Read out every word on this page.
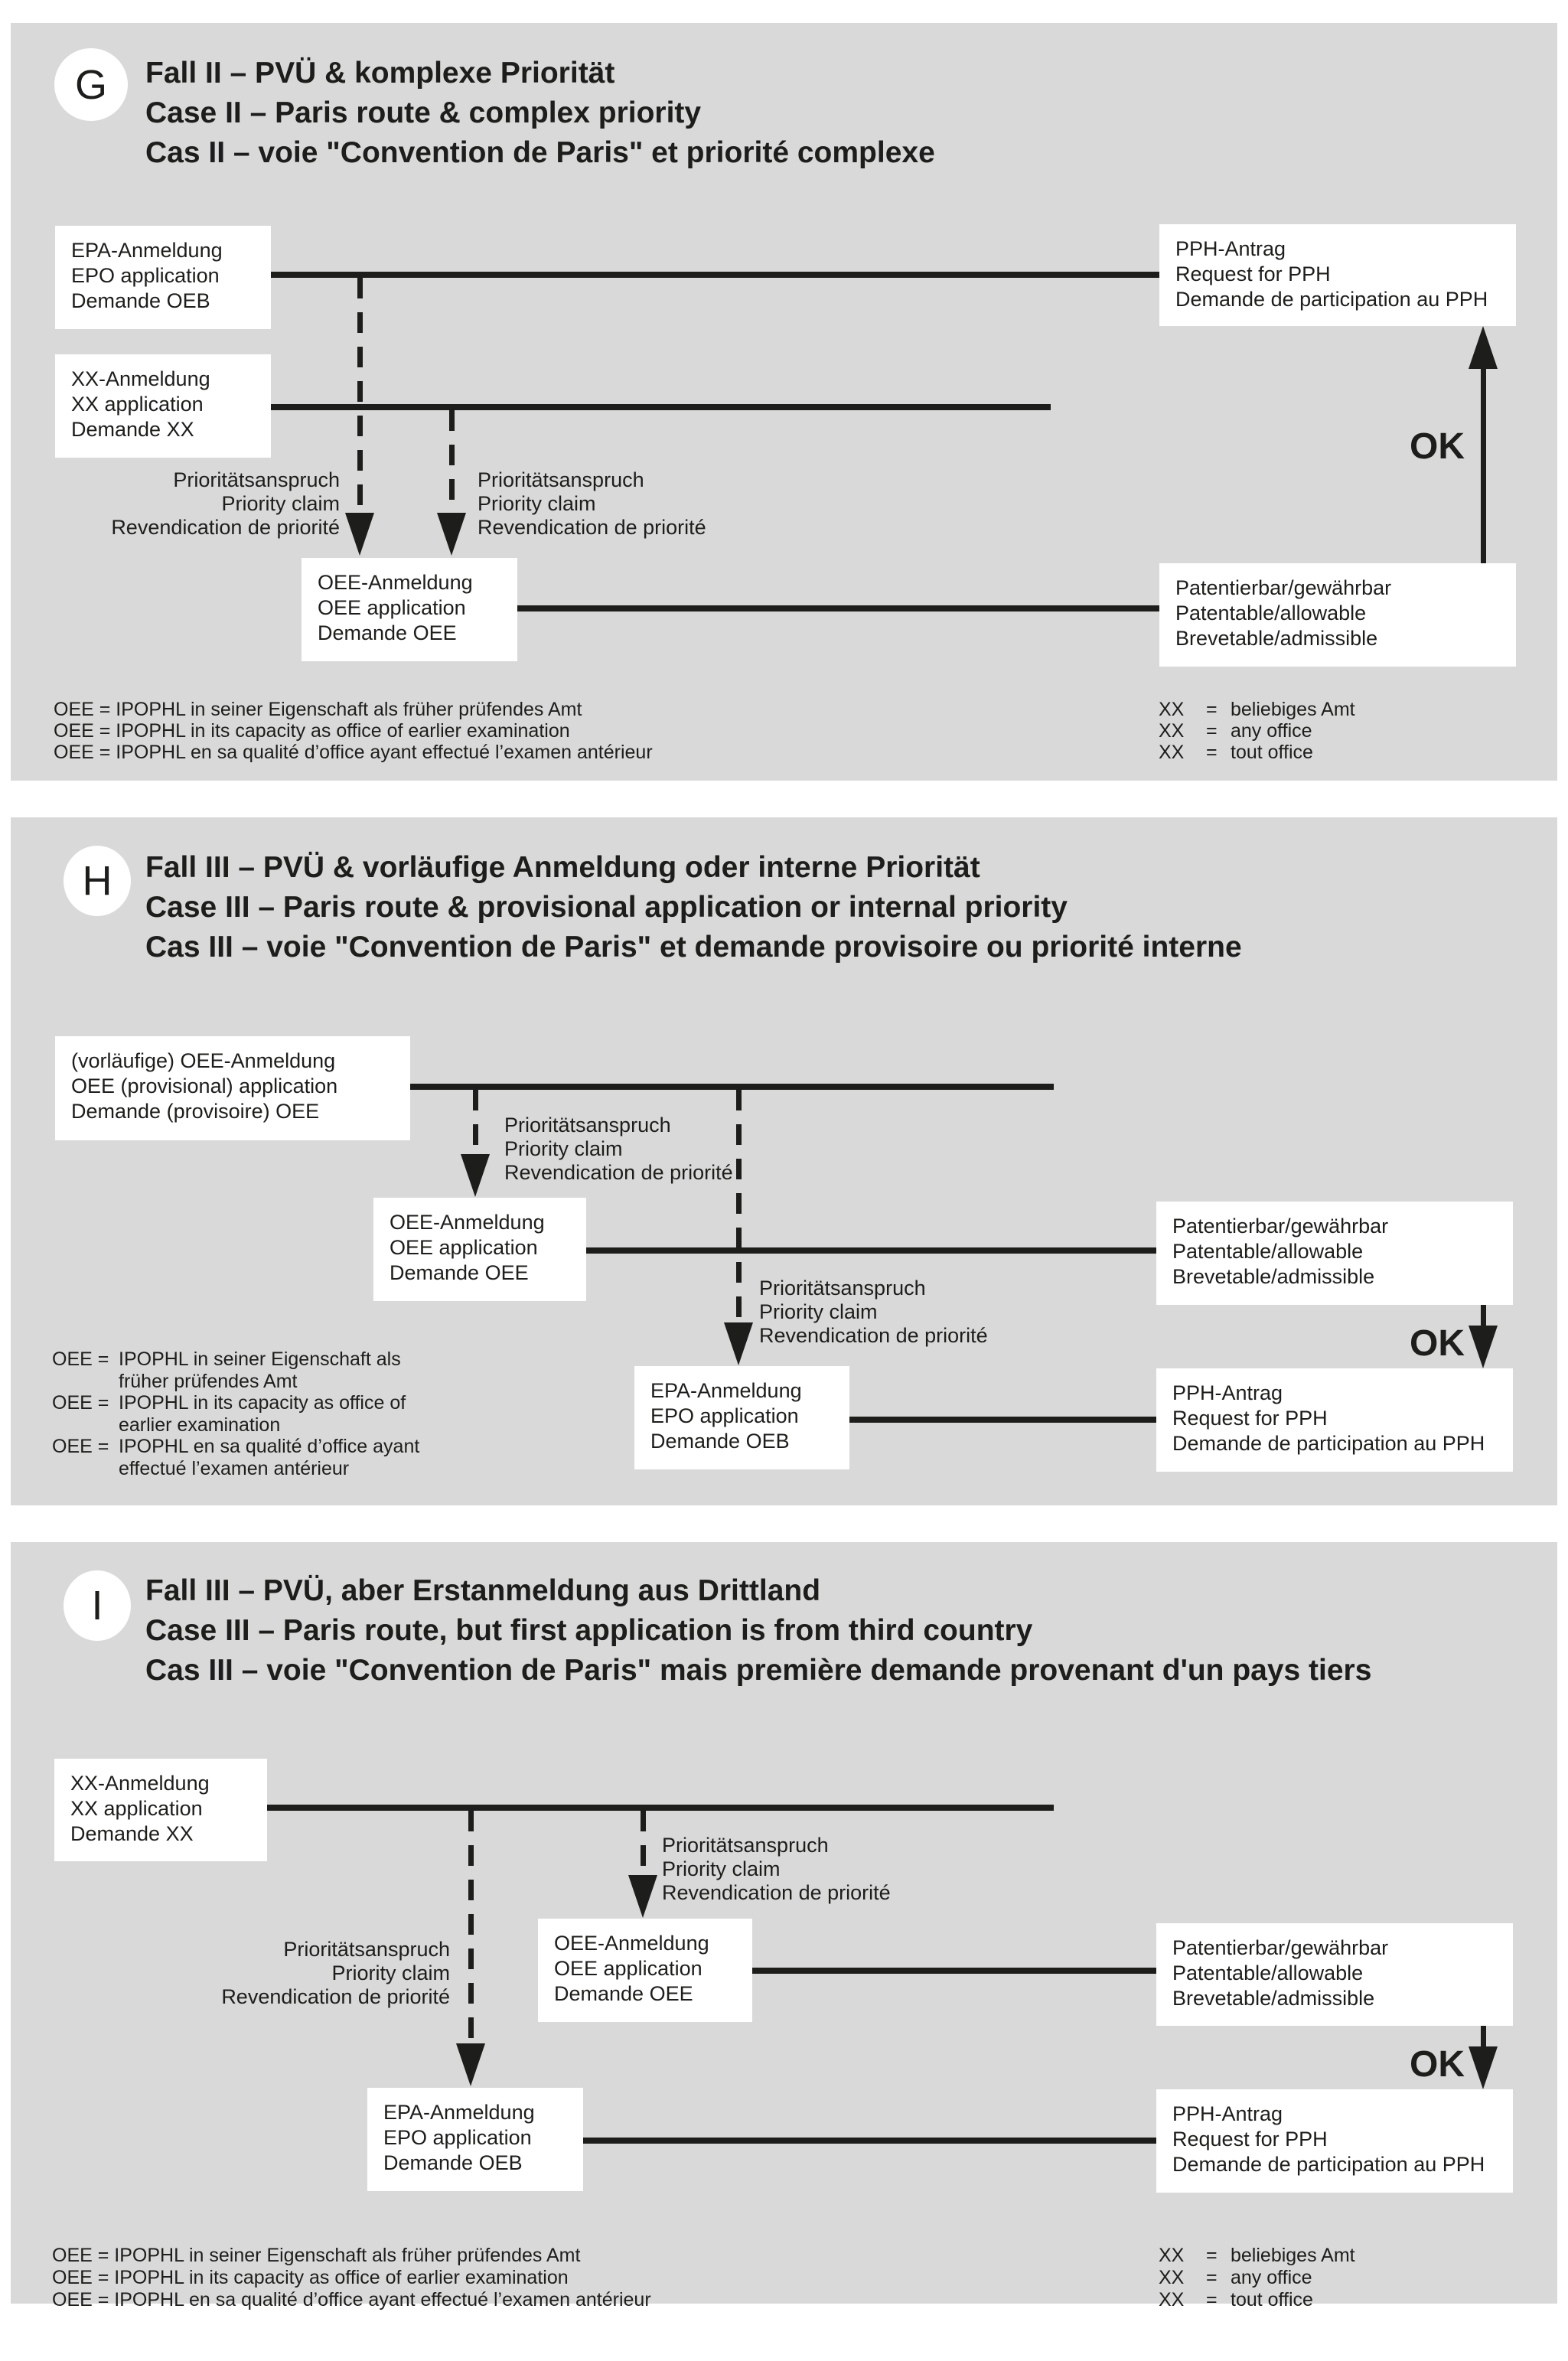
G Fall II – PVÜ & komplexe Priorität
Case II – Paris route & complex priority
Cas II – voie "Convention de Paris" et priorité complexe
Prioritätsanspruch
Priority claim
Revendication de priorité
Prioritätsanspruch
Priority claim
Revendication de priorité
EPA-Anmeldung
EPO application
Demande OEB
XX-Anmeldung
XX application
Demande XX
OEE-Anmeldung
OEE application
Demande OEE
PPH-Antrag
Request for PPH
Demande de participation au PPH
Patentierbar/gewährbar
Patentable/allowable
Brevetable/admissible
OK
OEE = IPOPHL in seiner Eigenschaft als früher prüfendes Amt
OEE = IPOPHL in its capacity as office of earlier examination
OEE = IPOPHL en sa qualité d’office ayant effectué l’examen antérieur
XX = beliebiges Amt
XX = any office
XX = tout office
H Fall III – PVÜ & vorläufige Anmeldung oder interne Priorität
Case III – Paris route & provisional application or internal priority
Cas III – voie "Convention de Paris" et demande provisoire ou priorité interne
Prioritätsanspruch
Priority claim
Revendication de priorité
Prioritätsanspruch
Priority claim
Revendication de priorité
(vorläufige) OEE-Anmeldung
OEE (provisional) application
Demande (provisoire) OEE
OEE-Anmeldung
OEE application
Demande OEE
EPA-Anmeldung
EPO application
Demande OEB
Patentierbar/gewährbar
Patentable/allowable
Brevetable/admissible
PPH-Antrag
Request for PPH
Demande de participation au PPH
OK
OEE = IPOPHL in seiner Eigenschaft als
früher prüfendes Amt
OEE = IPOPHL in its capacity as office of
earlier examination
OEE = IPOPHL en sa qualité d’office ayant
effectué l’examen antérieur
I Fall III – PVÜ, aber Erstanmeldung aus Drittland
Case III – Paris route, but first application is from third country
Cas III – voie "Convention de Paris" mais première demande provenant d'un pays tiers
Prioritätsanspruch
Priority claim
Revendication de priorité
Prioritätsanspruch
Priority claim
Revendication de priorité
XX-Anmeldung
XX application
Demande XX
OEE-Anmeldung
OEE application
Demande OEE
EPA-Anmeldung
EPO application
Demande OEB
Patentierbar/gewährbar
Patentable/allowable
Brevetable/admissible
PPH-Antrag
Request for PPH
Demande de participation au PPH
OK
OEE = IPOPHL in seiner Eigenschaft als früher prüfendes Amt
OEE = IPOPHL in its capacity as office of earlier examination
OEE = IPOPHL en sa qualité d’office ayant effectué l’examen antérieur
XX = beliebiges Amt
XX = any office
XX = tout office
